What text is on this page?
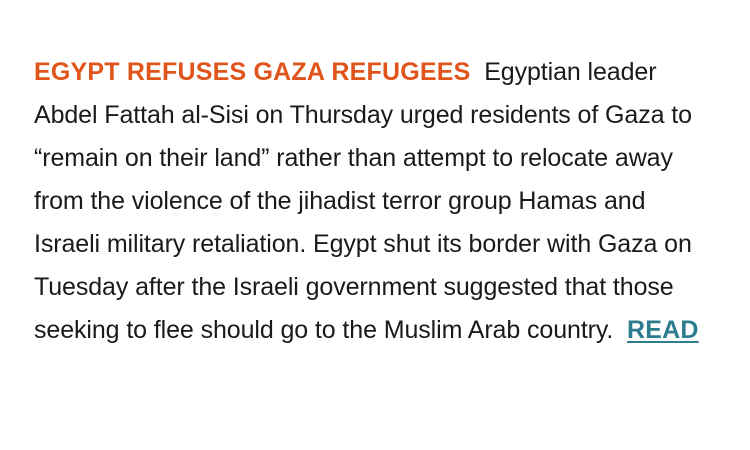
EGYPT REFUSES GAZA REFUGEES Egyptian leader Abdel Fattah al-Sisi on Thursday urged residents of Gaza to “remain on their land” rather than attempt to relocate away from the violence of the jihadist terror group Hamas and Israeli military retaliation. Egypt shut its border with Gaza on Tuesday after the Israeli government suggested that those seeking to flee should go to the Muslim Arab country. READ
